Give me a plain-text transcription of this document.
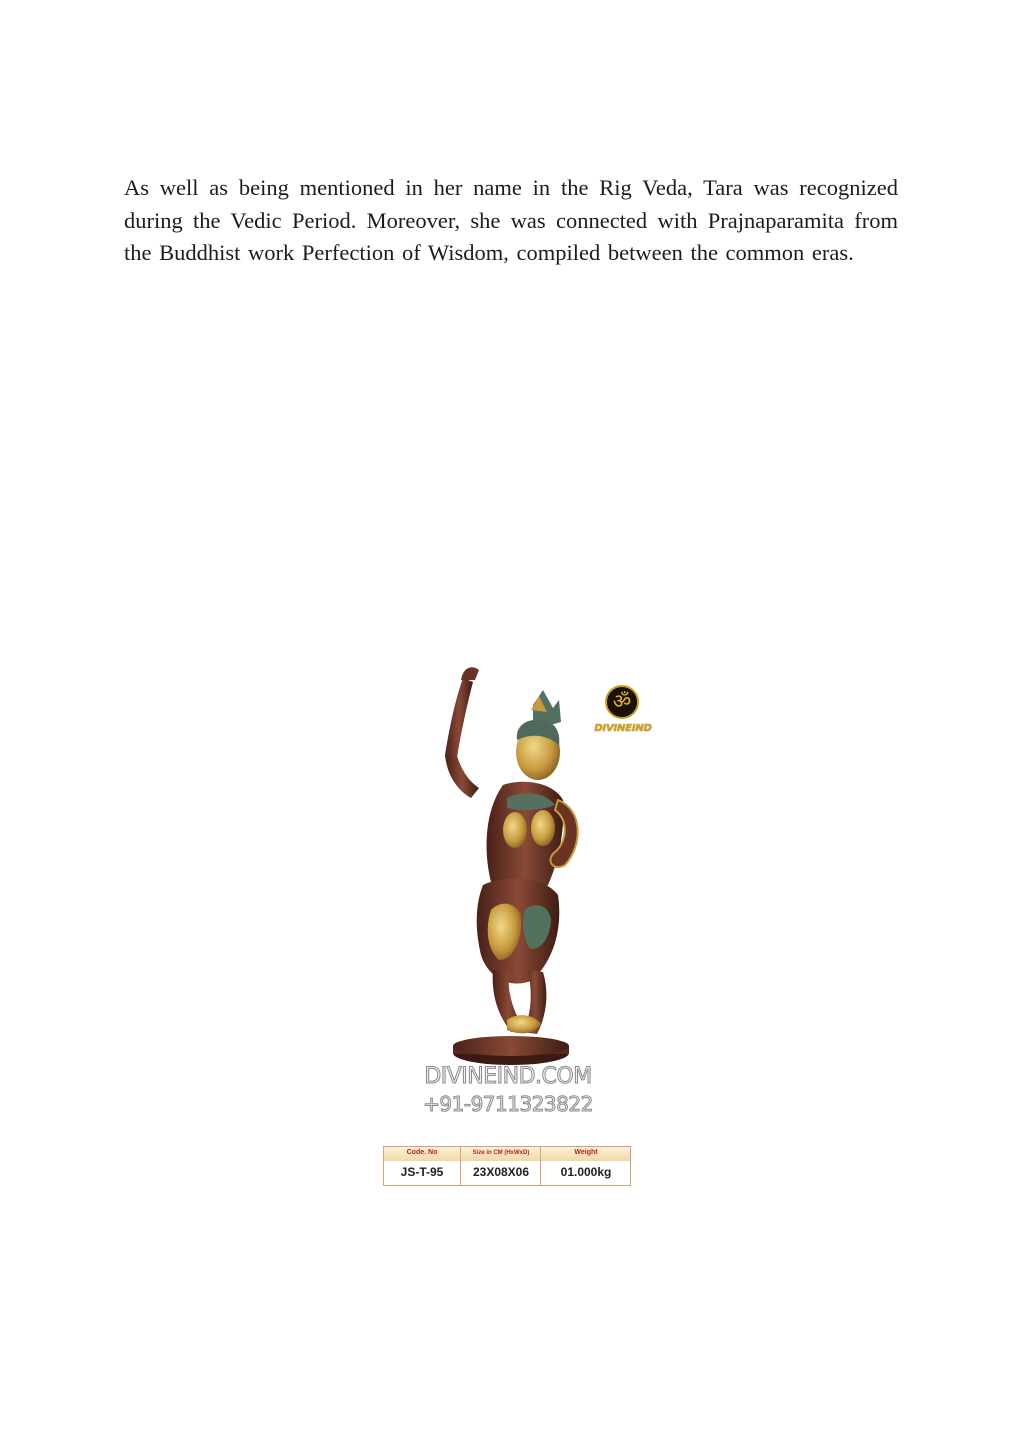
As well as being mentioned in her name in the Rig Veda, Tara was recognized during the Vedic Period. Moreover, she was connected with Prajnaparamita from the Buddhist work Perfection of Wisdom, compiled between the common eras.

ॐ
DIVINEIND
DIVINEIND.COM
+91-9711323822
Code. No	Size in CM (HxWxD)	Weight
JS-T-95	23X08X06	01.000kg
